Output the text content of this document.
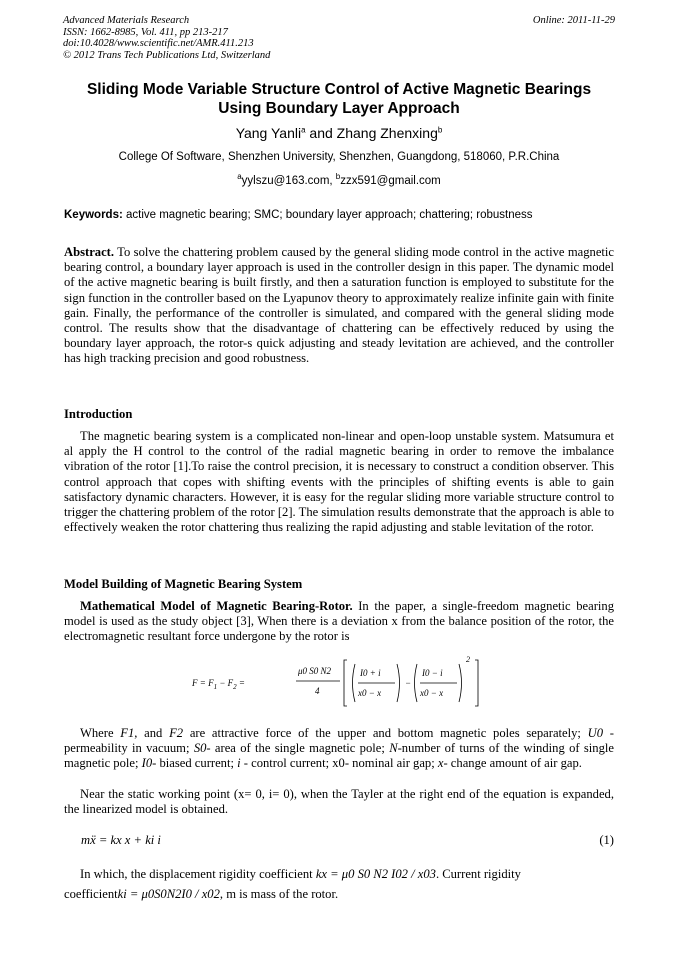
Advanced Materials Research
ISSN: 1662-8985, Vol. 411, pp 213-217
doi:10.4028/www.scientific.net/AMR.411.213
© 2012 Trans Tech Publications Ltd, Switzerland
Online: 2011-11-29
Sliding Mode Variable Structure Control of Active Magnetic Bearings
Using Boundary Layer Approach
Yang Yanli$^a$ and Zhang Zhenxing$^b$
College Of Software, Shenzhen University, Shenzhen, Guangdong, 518060, P.R.China
$^a$yylszu@163.com, $^b$zzx591@gmail.com
Keywords: active magnetic bearing; SMC; boundary layer approach; chattering; robustness
Abstract. To solve the chattering problem caused by the general sliding mode control in the active magnetic bearing control, a boundary layer approach is used in the controller design in this paper. The dynamic model of the active magnetic bearing is built firstly, and then a saturation function is employed to substitute for the sign function in the controller based on the Lyapunov theory to approximately realize infinite gain with finite gain. Finally, the performance of the controller is simulated, and compared with the general sliding mode control. The results show that the disadvantage of chattering can be effectively reduced by using the boundary layer approach, the rotor-s quick adjusting and steady levitation are achieved, and the controller has high tracking precision and good robustness.
Introduction
The magnetic bearing system is a complicated non-linear and open-loop unstable system. Matsumura et al apply the H control to the control of the radial magnetic bearing in order to remove the imbalance vibration of the rotor [1].To raise the control precision, it is necessary to construct a condition observer. This control approach that copes with shifting events with the principles of shifting events is able to gain satisfactory dynamic characters. However, it is easy for the regular sliding more variable structure control to trigger the chattering problem of the rotor [2]. The simulation results demonstrate that the approach is able to effectively weaken the rotor chattering thus realizing the rapid adjusting and stable levitation of the rotor.
Model Building of Magnetic Bearing System
Mathematical Model of Magnetic Bearing-Rotor. In the paper, a single-freedom magnetic bearing model is used as the study object [3], When there is a deviation x from the balance position of the rotor, the electromagnetic resultant force undergone by the rotor is
$F = F_1 - F_2$ =
μ0 S0 N2
4
I0 + i
x0 − x
−
I0 − i
x0 − x
2
Where F1, and F2 are attractive force of the upper and bottom magnetic poles separately; U0 -permeability in vacuum; S0- area of the single magnetic pole; N-number of turns of the winding of single magnetic pole; I0- biased current; i - control current; x0- nominal air gap; x- change amount of air gap.
Near the static working point (x= 0, i= 0), when the Tayler at the right end of the equation is expanded, the linearized model is obtained.
mẍ = kx x + ki i	(1)
In which, the displacement rigidity coefficient kx = μ0 S0 N2 I02 / x03. Current rigidity
coefficientki = μ0S0N2I0 / x02, m is mass of the rotor.
